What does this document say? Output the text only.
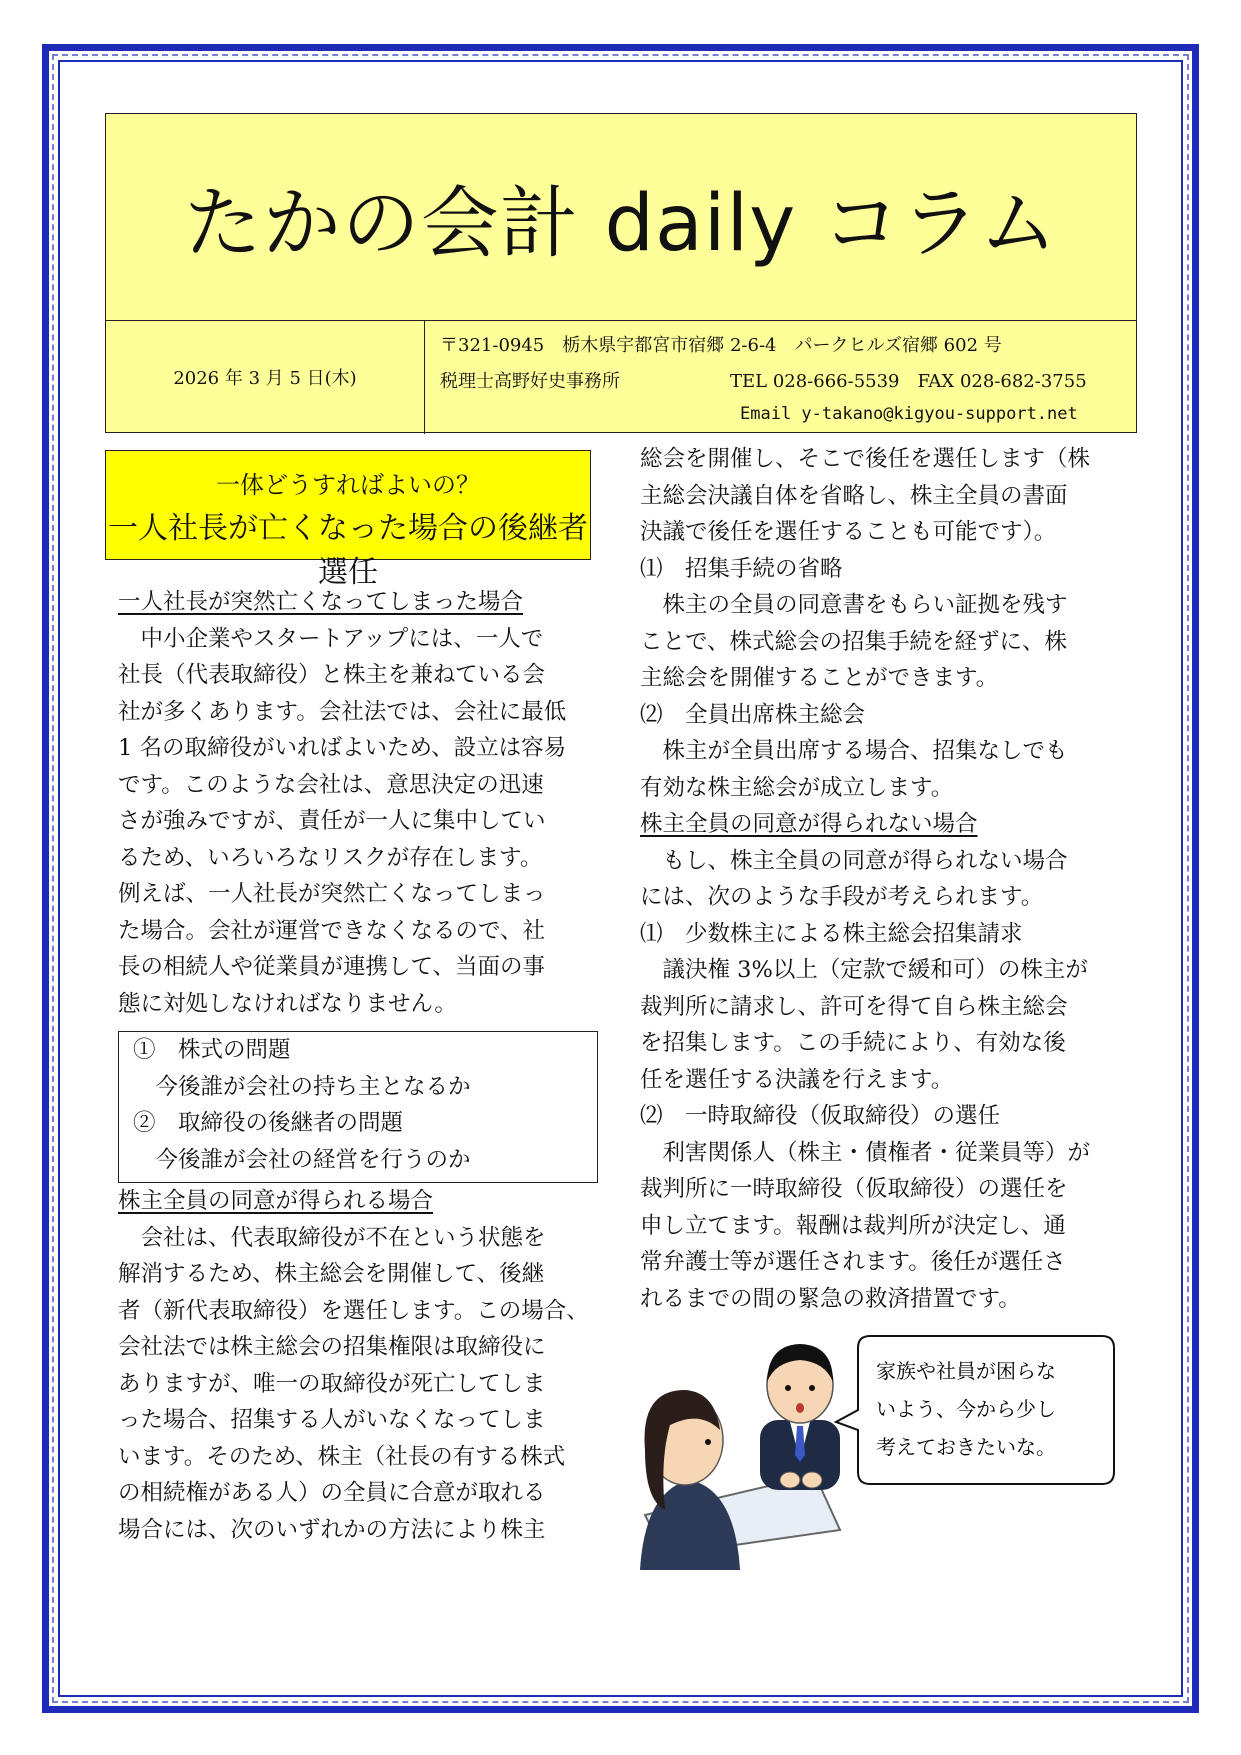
たかの会計 daily コラム
2026 年 3 月 5 日(木)
〒321-0945　栃木県宇都宮市宿郷 2-6-4　パークヒルズ宿郷 602 号
税理士高野好史事務所	TEL 028-666-5539　FAX 028-682-3755
Email y-takano@kigyou-support.net
一体どうすればよいの？
一人社長が亡くなった場合の後継者選任
一人社長が突然亡くなってしまった場合
　中小企業やスタートアップには、一人で
社長（代表取締役）と株主を兼ねている会
社が多くあります。会社法では、会社に最低
1 名の取締役がいればよいため、設立は容易
です。このような会社は、意思決定の迅速
さが強みですが、責任が一人に集中してい
るため、いろいろなリスクが存在します。
例えば、一人社長が突然亡くなってしまっ
た場合。会社が運営できなくなるので、社
長の相続人や従業員が連携して、当面の事
態に対処しなければなりません。
①　株式の問題
　今後誰が会社の持ち主となるか
②　取締役の後継者の問題
　今後誰が会社の経営を行うのか
株主全員の同意が得られる場合
　会社は、代表取締役が不在という状態を
解消するため、株主総会を開催して、後継
者（新代表取締役）を選任します。この場合、
会社法では株主総会の招集権限は取締役に
ありますが、唯一の取締役が死亡してしま
った場合、招集する人がいなくなってしま
います。そのため、株主（社長の有する株式
の相続権がある人）の全員に合意が取れる
場合には、次のいずれかの方法により株主
総会を開催し、そこで後任を選任します（株
主総会決議自体を省略し、株主全員の書面
決議で後任を選任することも可能です）。
⑴　招集手続の省略
　株主の全員の同意書をもらい証拠を残す
ことで、株式総会の招集手続を経ずに、株
主総会を開催することができます。
⑵　全員出席株主総会
　株主が全員出席する場合、招集なしでも
有効な株主総会が成立します。
株主全員の同意が得られない場合
　もし、株主全員の同意が得られない場合
には、次のような手段が考えられます。
⑴　少数株主による株主総会招集請求
　議決権 3%以上（定款で緩和可）の株主が
裁判所に請求し、許可を得て自ら株主総会
を招集します。この手続により、有効な後
任を選任する決議を行えます。
⑵　一時取締役（仮取締役）の選任
　利害関係人（株主・債権者・従業員等）が
裁判所に一時取締役（仮取締役）の選任を
申し立てます。報酬は裁判所が決定し、通
常弁護士等が選任されます。後任が選任さ
れるまでの間の緊急の救済措置です。
家族や社員が困らな
いよう、今から少し
考えておきたいな。
